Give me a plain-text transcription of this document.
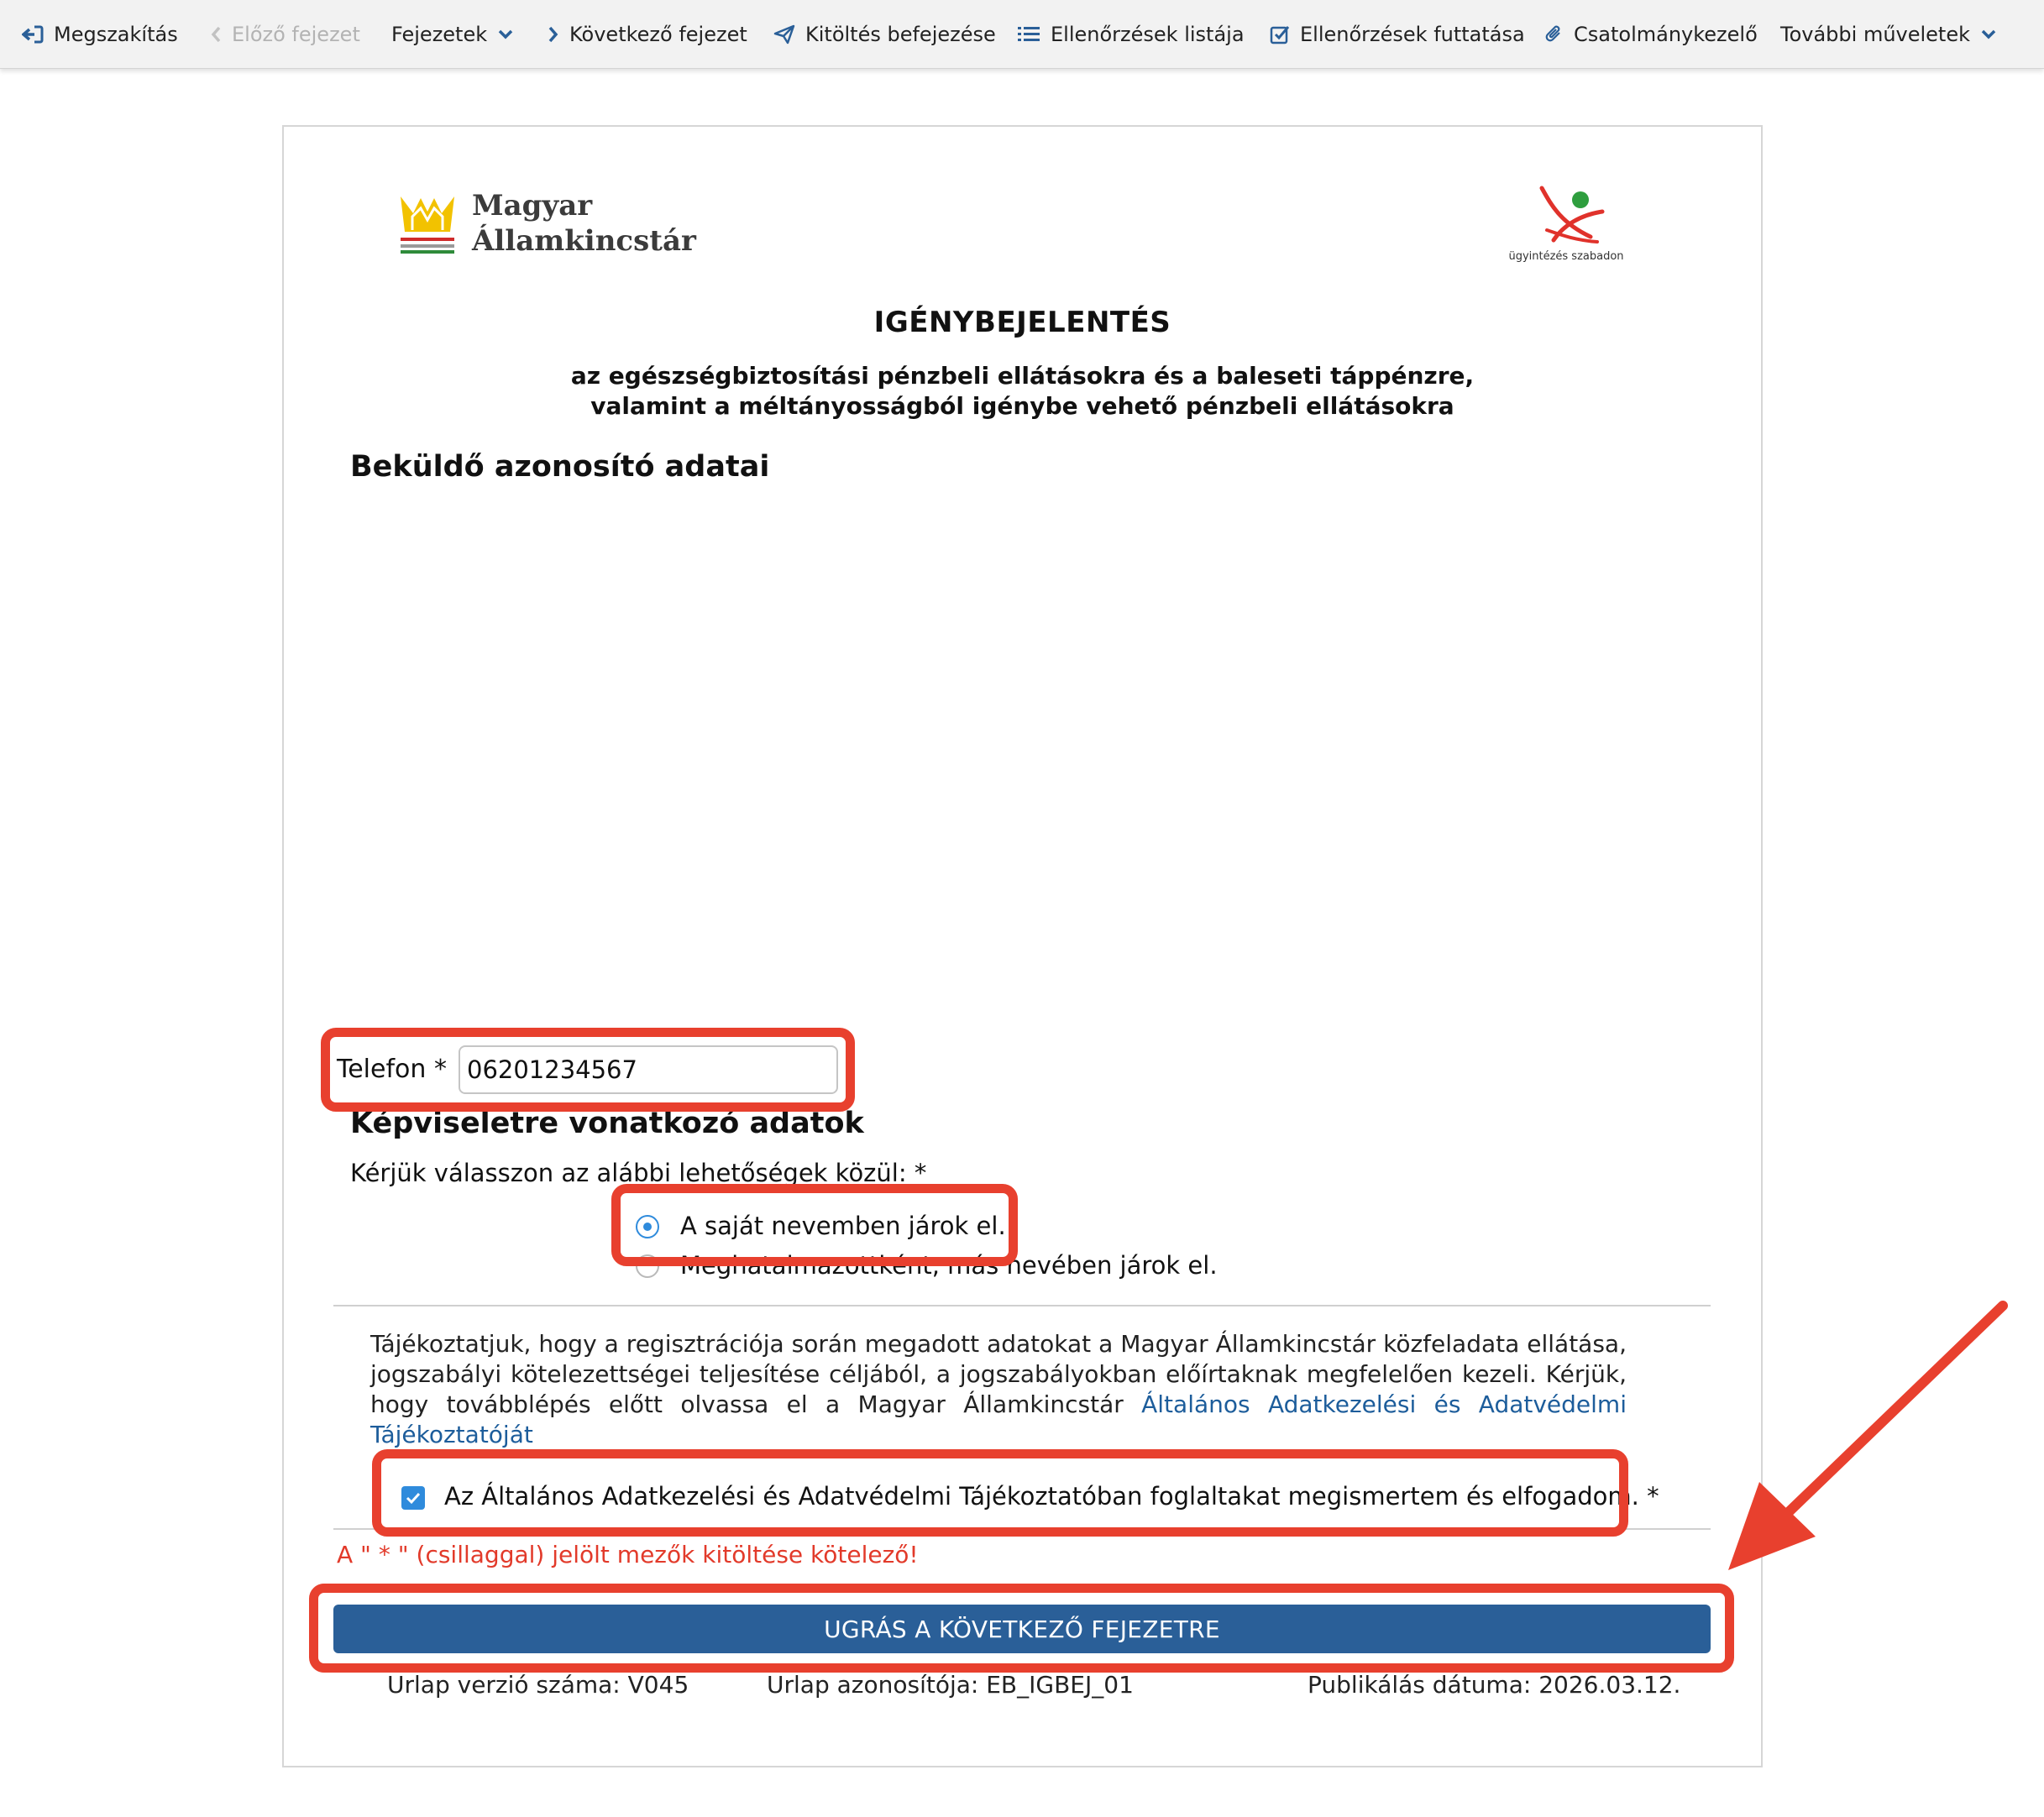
Megszakítás	Előző fejezet Fejezetek	Következő fejezet	Kitöltés befejezése	Ellenőrzések listája	Ellenőrzések futtatása Csatolmánykezelő További műveletek
Magyar
Államkincstár	ügyintézés szabadon
IGÉNYBEJELENTÉS
az egészségbiztosítási pénzbeli ellátásokra és a baleseti táppénzre,
valamint a méltányosságból igénybe vehető pénzbeli ellátásokra
Beküldő azonosító adatai
Telefon *
06201234567
Képviseletre vonatkozó adatok
Kérjük válasszon az alábbi lehetőségek közül: *
A saját nevemben járok el.
Meghatalmazottként, más nevében járok el.
Tájékoztatjuk, hogy a regisztrációja során megadott adatokat a Magyar Államkincstár közfeladata ellátása, jogszabályi kötelezettségei teljesítése céljából, a jogszabályokban előírtaknak megfelelően kezeli. Kérjük, hogy továbblépés előtt olvassa el a Magyar Államkincstár Általános Adatkezelési és Adatvédelmi Tájékoztatóját
Az Általános Adatkezelési és Adatvédelmi Tájékoztatóban foglaltakat megismertem és elfogadom. *
A " * " (csillaggal) jelölt mezők kitöltése kötelező!
UGRÁS A KÖVETKEZŐ FEJEZETRE
Urlap verzió száma: V045	Urlap azonosítója: EB_IGBEJ_01	Publikálás dátuma: 2026.03.12.
